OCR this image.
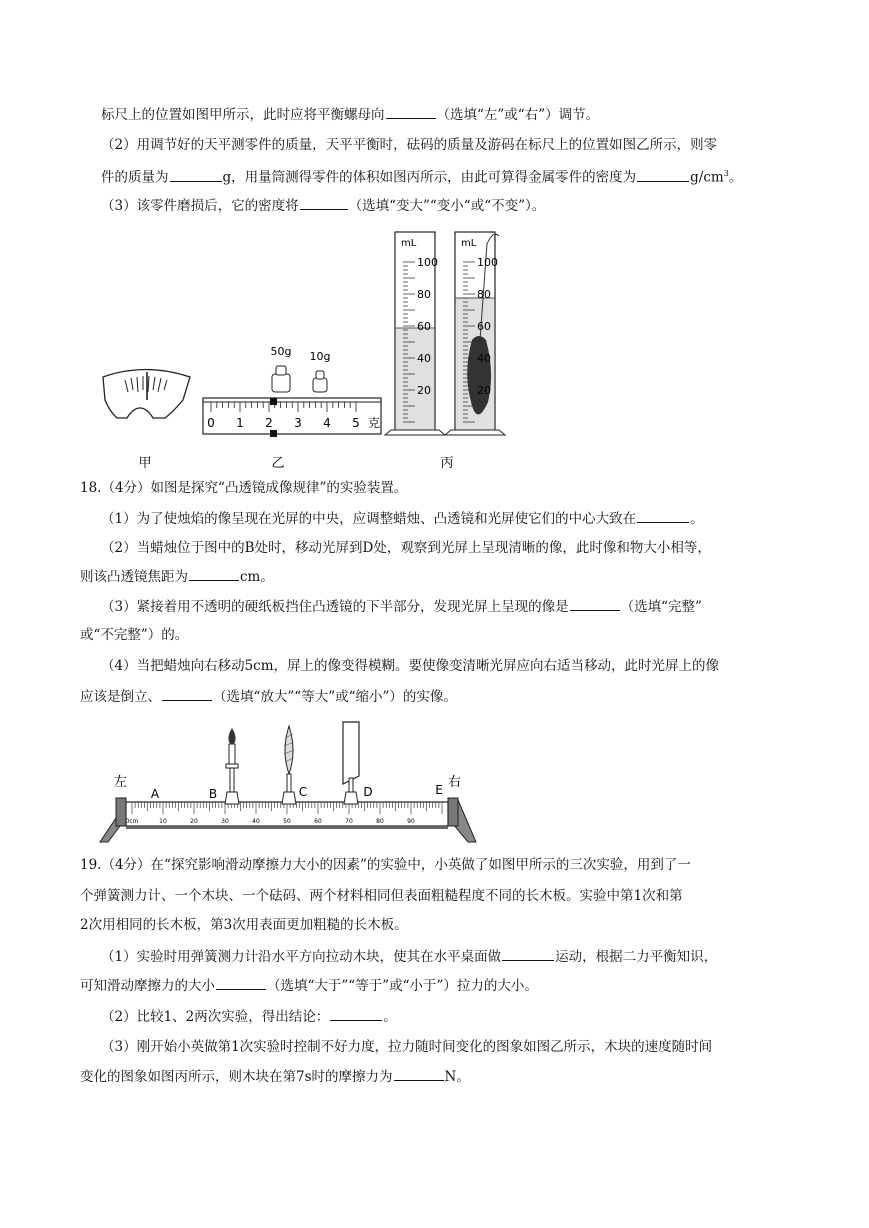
标尺上的位置如图甲所示，此时应将平衡螺母向	（选填“左”或“右”）调节。
（2）用调节好的天平测零件的质量，天平平衡时，砝码的质量及游码在标尺上的位置如图乙所示，则零
件的质量为	g，用量筒测得零件的体积如图丙所示，由此可算得金属零件的密度为	$g/cm^3$。
（3）该零件磨损后，它的密度将	（选填“变大”“变小“或“不变”）。
甲
50g 10g
0 1 2 3 4 5 克
乙
mL
100
80
60
40
20
mL
100
80
60
40
20
丙
18.（4分）如图是探究“凸透镜成像规律”的实验装置。
（1）为了使烛焰的像呈现在光屏的中央，应调整蜡烛、凸透镜和光屏使它们的中心大致在	。
（2）当蜡烛位于图中的B处时，移动光屏到D处，观察到光屏上呈现清晰的像，此时像和物大小相等，
则该凸透镜焦距为	cm。
（3）紧接着用不透明的硬纸板挡住凸透镜的下半部分，发现光屏上呈现的像是	（选填“完整”
或“不完整”）的。
（4）当把蜡烛向右移动5cm，屏上的像变得模糊。要使像变清晰光屏应向右适当移动，此时光屏上的像
应该是倒立、	（选填“放大”“等大”或“缩小”）的实像。
左	右
0cm	10	20	30	40	50	60	70	80	90
A	B	C	D	E
19.（4分）在“探究影响滑动摩擦力大小的因素”的实验中，小英做了如图甲所示的三次实验，用到了一
个弹簧测力计、一个木块、一个砝码、两个材料相同但表面粗糙程度不同的长木板。实验中第1次和第
2次用相同的长木板，第3次用表面更加粗糙的长木板。
（1）实验时用弹簧测力计沿水平方向拉动木块，使其在水平桌面做	运动，根据二力平衡知识，
可知滑动摩擦力的大小	（选填“大于”“等于”或“小于”）拉力的大小。
（2）比较1、2两次实验，得出结论：	。
（3）刚开始小英做第1次实验时控制不好力度，拉力随时间变化的图象如图乙所示，木块的速度随时间
变化的图象如图丙所示，则木块在第7s时的摩擦力为	N。
